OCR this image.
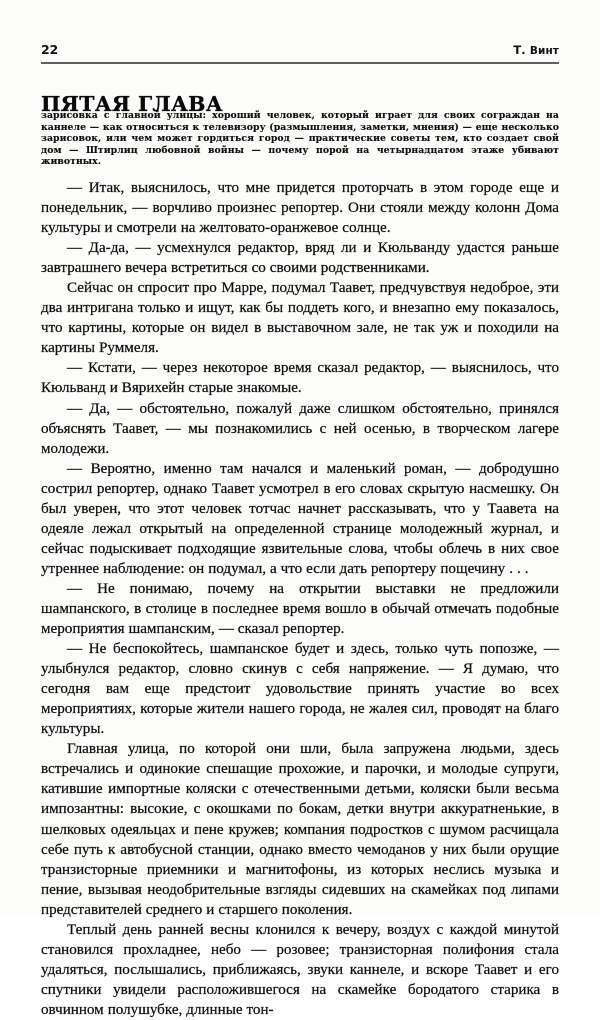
22	Т. Винт
ПЯТАЯ ГЛАВА
зарисовка с главной улицы: хороший человек, который играет для своих сограждан на каннеле — как относиться к телевизору (размышления, заметки, мнения) — еще несколько зарисовок, или чем может гордиться город — практические советы тем, кто создает свой дом — Штирлиц любовной войны — почему порой на четырнадцатом этаже убивают животных.

— Итак, выяснилось, что мне придется проторчать в этом городе еще и понедельник, — ворчливо произнес репортер. Они стояли между колонн Дома культуры и смотрели на желтовато-оранжевое солнце.

— Да-да, — усмехнулся редактор, вряд ли и Кюльванду удастся раньше завтрашнего вечера встретиться со своими родственниками.

Сейчас он спросит про Марре, подумал Таавет, предчувствуя недоброе, эти два интригана только и ищут, как бы поддеть кого, и внезапно ему показалось, что картины, которые он видел в выставочном зале, не так уж и походили на картины Руммеля.

— Кстати, — через некоторое время сказал редактор, — выяснилось, что Кюльванд и Вярихейн старые знакомые.

— Да, — обстоятельно, пожалуй даже слишком обстоятельно, принялся объяснять Таавет, — мы познакомились с ней осенью, в творческом лагере молодежи.

— Вероятно, именно там начался и маленький роман, — добродушно сострил репортер, однако Таавет усмотрел в его словах скрытую насмешку. Он был уверен, что этот человек тотчас начнет рассказывать, что у Таавета на одеяле лежал открытый на определенной странице молодежный журнал, и сейчас подыскивает подходящие язвительные слова, чтобы облечь в них свое утреннее наблюдение: он подумал, а что если дать репортеру пощечину . . .

— Не понимаю, почему на открытии выставки не предложили шампанского, в столице в последнее время вошло в обычай отмечать подобные мероприятия шампанским, — сказал репортер.

— Не беспокойтесь, шампанское будет и здесь, только чуть попозже, — улыбнулся редактор, словно скинув с себя напряжение. — Я думаю, что сегодня вам еще предстоит удовольствие принять участие во всех мероприятиях, которые жители нашего города, не жалея сил, проводят на благо культуры.

Главная улица, по которой они шли, была запружена людьми, здесь встречались и одинокие спешащие прохожие, и парочки, и молодые супруги, катившие импортные коляски с отечественными детьми, коляски были весьма импозантны: высокие, с окошками по бокам, детки внутри аккуратненькие, в шелковых одеяльцах и пене кружев; компания подростков с шумом расчищала себе путь к автобусной станции, однако вместо чемоданов у них были орущие транзисторные приемники и магнитофоны, из которых неслись музыка и пение, вызывая неодобрительные взгляды сидевших на скамейках под липами представителей среднего и старшего поколения.

Теплый день ранней весны клонился к вечеру, воздух с каждой минутой становился прохладнее, небо — розовее; транзисторная полифония стала удаляться, послышались, приближаясь, звуки каннеле, и вскоре Таавет и его спутники увидели расположившегося на скамейке бородатого старика в овчинном полушубке, длинные тон-
